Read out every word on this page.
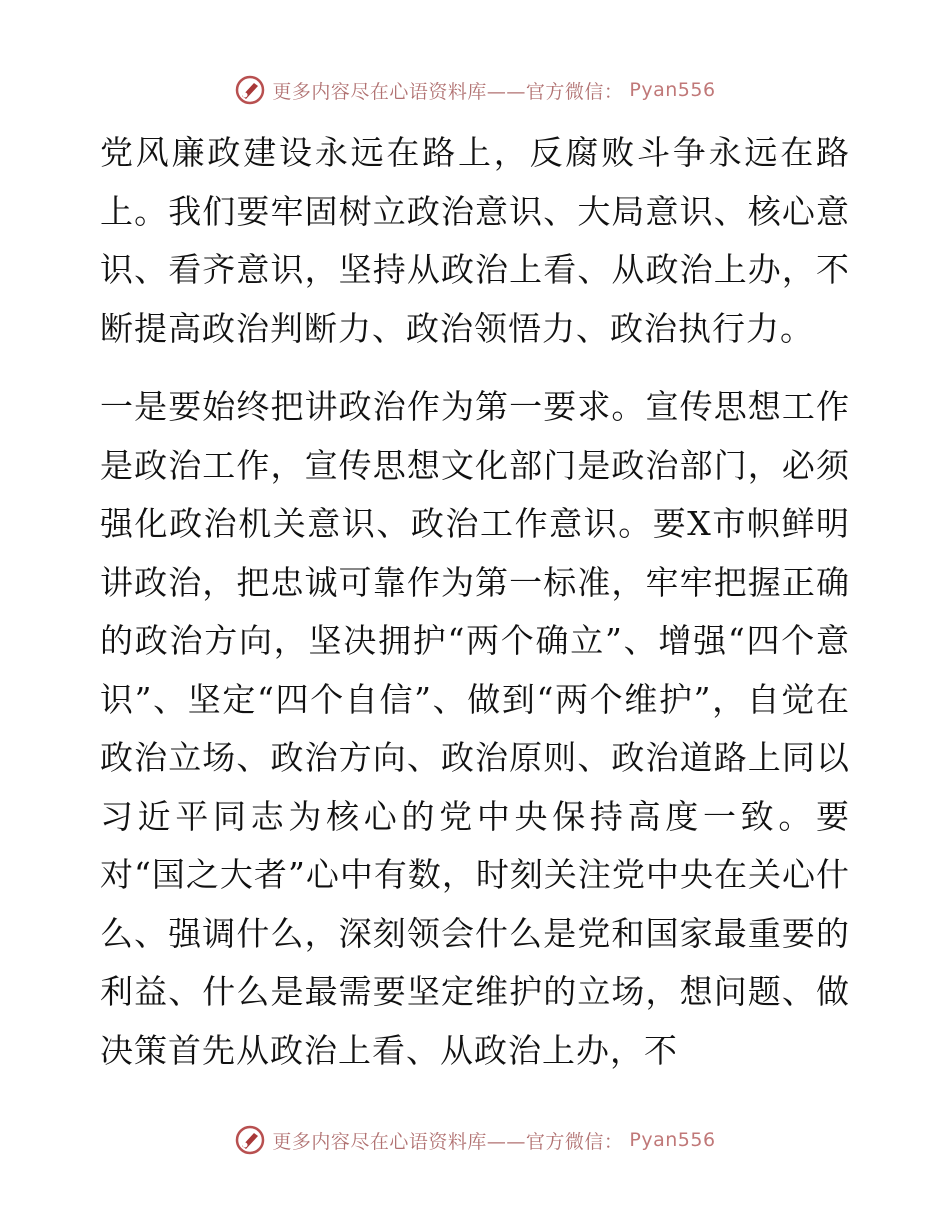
更多内容尽在心语资料库——官方微信： Pyan556

党风廉政建设永远在路上，反腐败斗争永远在路上。我们要牢固树立政治意识、大局意识、核心意识、看齐意识，坚持从政治上看、从政治上办，不断提高政治判断力、政治领悟力、政治执行力。

一是要始终把讲政治作为第一要求。宣传思想工作是政治工作，宣传思想文化部门是政治部门，必须强化政治机关意识、政治工作意识。要X市帜鲜明讲政治，把忠诚可靠作为第一标准，牢牢把握正确的政治方向，坚决拥护“两个确立”、增强“四个意识”、坚定“四个自信”、做到“两个维护”，自觉在政治立场、政治方向、政治原则、政治道路上同以习近平同志为核心的党中央保持高度一致。要对“国之大者”心中有数，时刻关注党中央在关心什么、强调什么，深刻领会什么是党和国家最重要的利益、什么是最需要坚定维护的立场，想问题、做决策首先从政治上看、从政治上办，不

更多内容尽在心语资料库——官方微信： Pyan556
